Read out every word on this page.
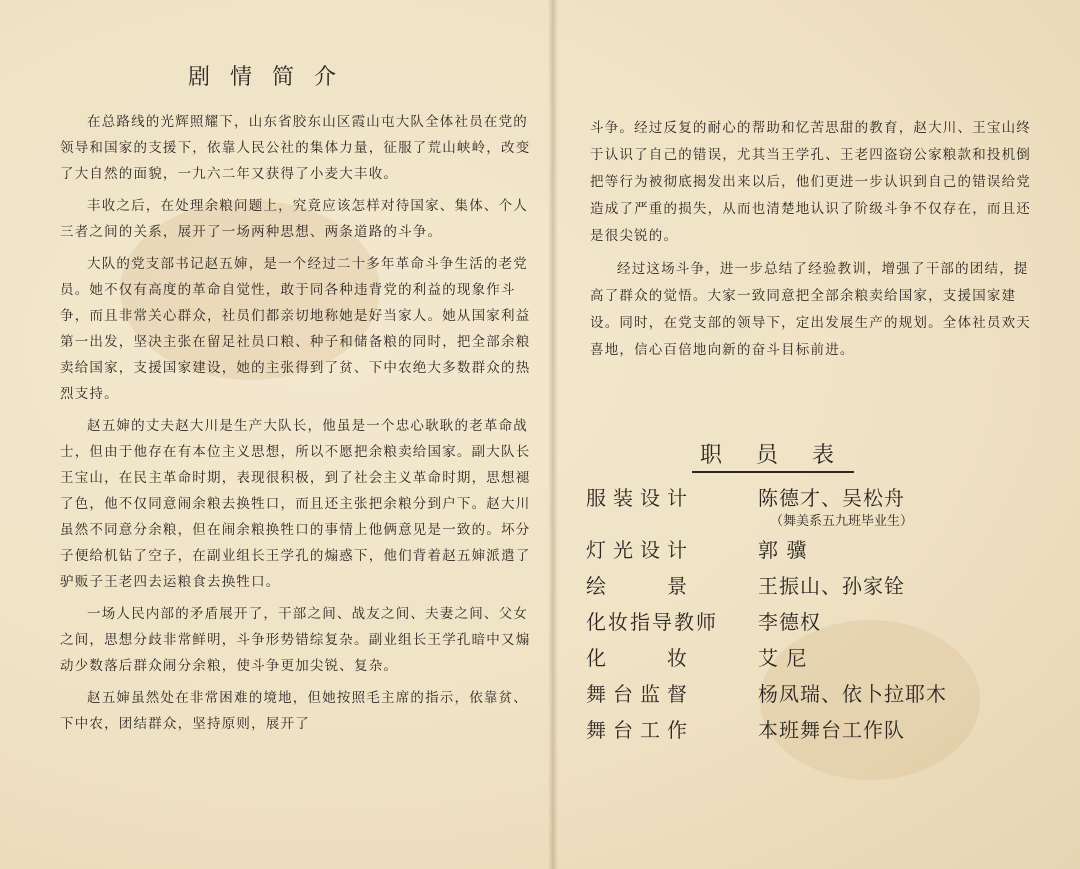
剧情简介

在总路线的光辉照耀下，山东省胶东山区霞山屯大队全体社员在党的领导和国家的支援下，依靠人民公社的集体力量，征服了荒山峡岭，改变了大自然的面貌，一九六二年又获得了小麦大丰收。

丰收之后，在处理余粮问题上，究竟应该怎样对待国家、集体、个人三者之间的关系，展开了一场两种思想、两条道路的斗争。

大队的党支部书记赵五婶，是一个经过二十多年革命斗争生活的老党员。她不仅有高度的革命自觉性，敢于同各种违背党的利益的现象作斗争，而且非常关心群众，社员们都亲切地称她是好当家人。她从国家利益第一出发，坚决主张在留足社员口粮、种子和储备粮的同时，把全部余粮卖给国家，支援国家建设，她的主张得到了贫、下中农绝大多数群众的热烈支持。

赵五婶的丈夫赵大川是生产大队长，他虽是一个忠心耿耿的老革命战士，但由于他存在有本位主义思想，所以不愿把余粮卖给国家。副大队长王宝山，在民主革命时期，表现很积极，到了社会主义革命时期，思想褪了色，他不仅同意闹余粮去换牲口，而且还主张把余粮分到户下。赵大川虽然不同意分余粮，但在闹余粮换牲口的事情上他俩意见是一致的。坏分子便给机钻了空子，在副业组长王学孔的煽惑下，他们背着赵五婶派遣了驴贩子王老四去运粮食去换牲口。

一场人民内部的矛盾展开了，干部之间、战友之间、夫妻之间、父女之间，思想分歧非常鲜明，斗争形势错综复杂。副业组长王学孔暗中又煽动少数落后群众闹分余粮，使斗争更加尖锐、复杂。

赵五婶虽然处在非常困难的境地，但她按照毛主席的指示，依靠贫、下中农，团结群众，坚持原则，展开了

斗争。经过反复的耐心的帮助和忆苦思甜的教育，赵大川、王宝山终于认识了自己的错误，尤其当王学孔、王老四盗窃公家粮款和投机倒把等行为被彻底揭发出来以后，他们更进一步认识到自己的错误给党造成了严重的损失，从而也清楚地认识了阶级斗争不仅存在，而且还是很尖锐的。

经过这场斗争，进一步总结了经验教训，增强了干部的团结，提高了群众的觉悟。大家一致同意把全部余粮卖给国家，支援国家建设。同时，在党支部的领导下，定出发展生产的规划。全体社员欢天喜地，信心百倍地向新的奋斗目标前进。

职员表
服装设计	陈德才、吴松舟
（舞美系五九班毕业生）
灯光设计	郭 骥
绘　　景	王振山、孙家铨
化妆指导教师	李德权
化　　妆	艾 尼
舞台监督	杨凤瑞、依卜拉耶木
舞台工作	本班舞台工作队
